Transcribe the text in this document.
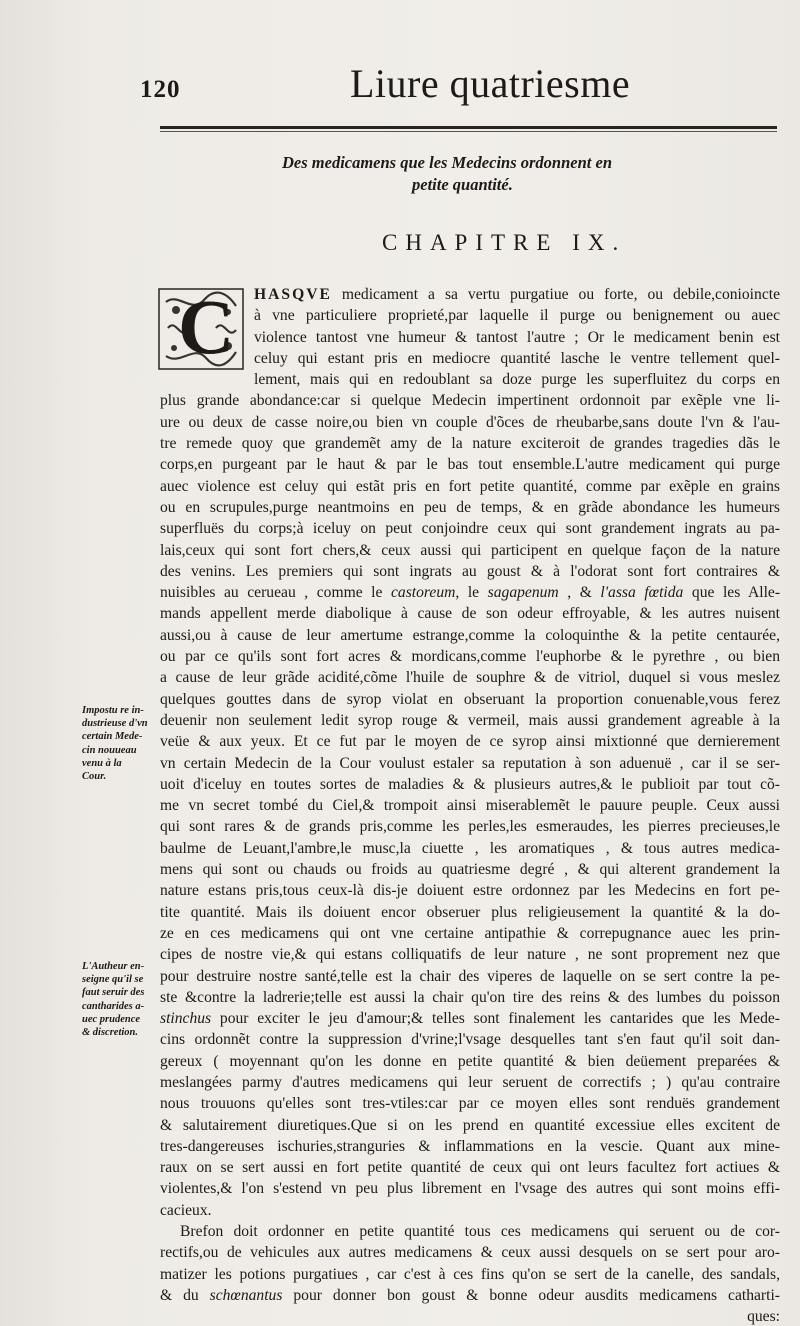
120	Liure quatriesme
Des medicamens que les Medecins ordonnent en
petite quantité.
CHAPITRE IX.
C	HASQVE medicament a sa vertu purgatiue ou forte, ou debile,conioincte
à vne particuliere proprieté,par laquelle il purge ou benignement ou auec
violence tantost vne humeur & tantost l'autre ; Or le medicament benin est
celuy qui estant pris en mediocre quantité lasche le ventre tellement quel-
lement, mais qui en redoublant sa doze purge les superfluitez du corps en
plus grande abondance:car si quelque Medecin impertinent ordonnoit par exẽple vne li-
ure ou deux de casse noire,ou bien vn couple d'õces de rheubarbe,sans doute l'vn & l'au-
tre remede quoy que grandemẽt amy de la nature exciteroit de grandes tragedies dãs le
corps,en purgeant par le haut & par le bas tout ensemble.L'autre medicament qui purge
auec violence est celuy qui estãt pris en fort petite quantité, comme par exẽple en grains
ou en scrupules,purge neantmoins en peu de temps, & en grãde abondance les humeurs
superfluës du corps;à iceluy on peut conjoindre ceux qui sont grandement ingrats au pa-
lais,ceux qui sont fort chers,& ceux aussi qui participent en quelque façon de la nature
des venins. Les premiers qui sont ingrats au goust & à l'odorat sont fort contraires &
nuisibles au cerueau , comme le castoreum, le sagapenum , & l'assa fœtida que les Alle-
mands appellent merde diabolique à cause de son odeur effroyable, & les autres nuisent
aussi,ou à cause de leur amertume estrange,comme la coloquinthe & la petite centaurée,
ou par ce qu'ils sont fort acres & mordicans,comme l'euphorbe & le pyrethre , ou bien
a cause de leur grãde acidité,cõme l'huile de souphre & de vitriol, duquel si vous meslez
quelques gouttes dans de syrop violat en obseruant la proportion conuenable,vous ferez
deuenir non seulement ledit syrop rouge & vermeil, mais aussi grandement agreable à la
veüe & aux yeux. Et ce fut par le moyen de ce syrop ainsi mixtionné que dernierement
vn certain Medecin de la Cour voulust estaler sa reputation à son aduenuë , car il se ser-
uoit d'iceluy en toutes sortes de maladies & & plusieurs autres,& le publioit par tout cõ-
me vn secret tombé du Ciel,& trompoit ainsi miserablemẽt le pauure peuple. Ceux aussi
qui sont rares & de grands pris,comme les perles,les esmeraudes, les pierres precieuses,le
baulme de Leuant,l'ambre,le musc,la ciuette , les aromatiques , & tous autres medica-
mens qui sont ou chauds ou froids au quatriesme degré , & qui alterent grandement la
nature estans pris,tous ceux-là dis-je doiuent estre ordonnez par les Medecins en fort pe-
tite quantité. Mais ils doiuent encor obseruer plus religieusement la quantité & la do-
ze en ces medicamens qui ont vne certaine antipathie & correpugnance auec les prin-
cipes de nostre vie,& qui estans colliquatifs de leur nature , ne sont proprement nez que
pour destruire nostre santé,telle est la chair des viperes de laquelle on se sert contre la pe-
ste &contre la ladrerie;telle est aussi la chair qu'on tire des reins & des lumbes du poisson
stinchus pour exciter le jeu d'amour;& telles sont finalement les cantarides que les Mede-
cins ordonnẽt contre la suppression d'vrine;l'vsage desquelles tant s'en faut qu'il soit dan-
gereux ( moyennant qu'on les donne en petite quantité & bien deüement preparées &
meslangées parmy d'autres medicamens qui leur seruent de correctifs ; ) qu'au contraire
nous trouuons qu'elles sont tres-vtiles:car par ce moyen elles sont renduës grandement
& salutairement diuretiques.Que si on les prend en quantité excessiue elles excitent de
tres-dangereuses ischuries,stranguries & inflammations en la vescie. Quant aux mine-
raux on se sert aussi en fort petite quantité de ceux qui ont leurs facultez fort actiues &
violentes,& l'on s'estend vn peu plus librement en l'vsage des autres qui sont moins effi-
cacieux.
Brefon doit ordonner en petite quantité tous ces medicamens qui seruent ou de cor-
rectifs,ou de vehicules aux autres medicamens & ceux aussi desquels on se sert pour aro-
matizer les potions purgatiues , car c'est à ces fins qu'on se sert de la canelle, des sandals,
& du schœnantus pour donner bon goust & bonne odeur ausdits medicamens catharti-
ques:
Impostu re in-
dustrieuse d'vn
certain Mede-
cin nouueau
venu à la
Cour.
L'Autheur en-
seigne qu'il se
faut seruir des
cantharides a-
uec prudence
& discretion.
